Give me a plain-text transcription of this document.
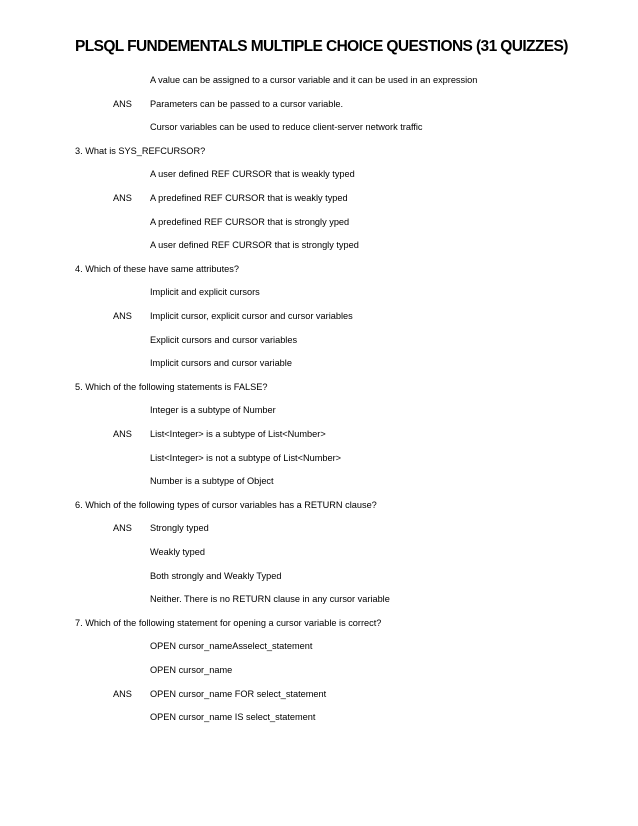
PLSQL FUNDEMENTALS MULTIPLE CHOICE QUESTIONS (31 QUIZZES)
A value can be assigned to a cursor variable and it can be used in an expression
Parameters can be passed to a cursor variable.
ANS
Cursor variables can be used to reduce client-server network traffic
3. What is SYS_REFCURSOR?
A user defined REF CURSOR that is weakly typed
A predefined REF CURSOR that is weakly typed
ANS
A predefined REF CURSOR that is strongly yped
A user defined REF CURSOR that is strongly typed
4. Which of these have same attributes?
Implicit and explicit cursors
Implicit cursor, explicit cursor and cursor variables
ANS
Explicit cursors and cursor variables
Implicit cursors and cursor variable
5. Which of the following statements is FALSE?
Integer is a subtype of Number
List<Integer> is a subtype of List<Number>
ANS
List<Integer> is not a subtype of List<Number>
Number is a subtype of Object
6. Which of the following types of cursor variables has a RETURN clause?
Strongly typed
ANS
Weakly typed
Both strongly and Weakly Typed
Neither. There is no RETURN clause in any cursor variable
7. Which of the following statement for opening a cursor variable is correct?
OPEN cursor_nameAsselect_statement
OPEN cursor_name
OPEN cursor_name FOR select_statement
ANS
OPEN cursor_name IS select_statement
